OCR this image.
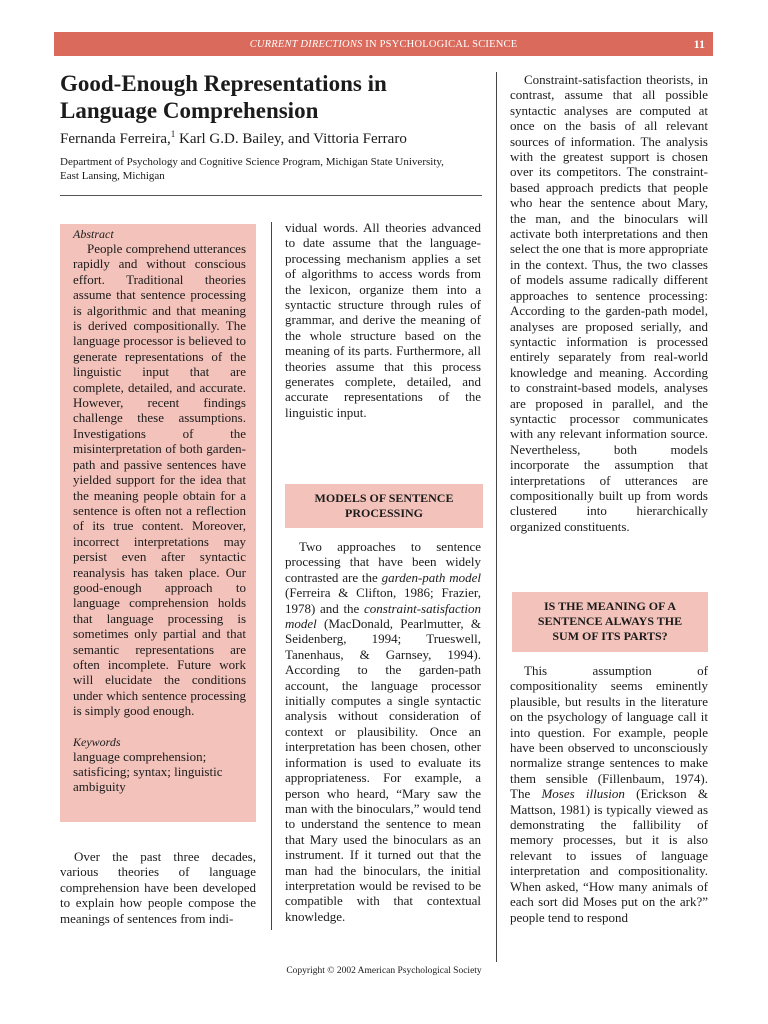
CURRENT DIRECTIONS IN PSYCHOLOGICAL SCIENCE	11
Good-Enough Representations in Language Comprehension
Fernanda Ferreira,$^1$ Karl G.D. Bailey, and Vittoria Ferraro
Department of Psychology and Cognitive Science Program, Michigan State University, East Lansing, Michigan
Abstract

People comprehend utterances rapidly and without conscious effort. Traditional theories assume that sentence processing is algorithmic and that meaning is derived compositionally. The language processor is believed to generate representations of the linguistic input that are complete, detailed, and accurate. However, recent findings challenge these assumptions. Investigations of the misinterpretation of both garden-path and passive sentences have yielded support for the idea that the meaning people obtain for a sentence is often not a reflection of its true content. Moreover, incorrect interpretations may persist even after syntactic reanalysis has taken place. Our good-enough approach to language comprehension holds that language processing is sometimes only partial and that semantic representations are often incomplete. Future work will elucidate the conditions under which sentence processing is simply good enough.

Keywords
language comprehension; satisficing; syntax; linguistic ambiguity

Over the past three decades, various theories of language comprehension have been developed to explain how people compose the meanings of sentences from indi-

vidual words. All theories advanced to date assume that the language-processing mechanism applies a set of algorithms to access words from the lexicon, organize them into a syntactic structure through rules of grammar, and derive the meaning of the whole structure based on the meaning of its parts. Furthermore, all theories assume that this process generates complete, detailed, and accurate representations of the linguistic input.

MODELS OF SENTENCE PROCESSING

Two approaches to sentence processing that have been widely contrasted are the garden-path model (Ferreira & Clifton, 1986; Frazier, 1978) and the constraint-satisfaction model (MacDonald, Pearlmutter, & Seidenberg, 1994; Trueswell, Tanenhaus, & Garnsey, 1994). According to the garden-path account, the language processor initially computes a single syntactic analysis without consideration of context or plausibility. Once an interpretation has been chosen, other information is used to evaluate its appropriateness. For example, a person who heard, “Mary saw the man with the binoculars,” would tend to understand the sentence to mean that Mary used the binoculars as an instrument. If it turned out that the man had the binoculars, the initial interpretation would be revised to be compatible with that contextual knowledge.

Constraint-satisfaction theorists, in contrast, assume that all possible syntactic analyses are computed at once on the basis of all relevant sources of information. The analysis with the greatest support is chosen over its competitors. The constraint-based approach predicts that people who hear the sentence about Mary, the man, and the binoculars will activate both interpretations and then select the one that is more appropriate in the context. Thus, the two classes of models assume radically different approaches to sentence processing: According to the garden-path model, analyses are proposed serially, and syntactic information is processed entirely separately from real-world knowledge and meaning. According to constraint-based models, analyses are proposed in parallel, and the syntactic processor communicates with any relevant information source. Nevertheless, both models incorporate the assumption that interpretations of utterances are compositionally built up from words clustered into hierarchically organized constituents.

IS THE MEANING OF A SENTENCE ALWAYS THE SUM OF ITS PARTS?

This assumption of compositionality seems eminently plausible, but results in the literature on the psychology of language call it into question. For example, people have been observed to unconsciously normalize strange sentences to make them sensible (Fillenbaum, 1974). The Moses illusion (Erickson & Mattson, 1981) is typically viewed as demonstrating the fallibility of memory processes, but it is also relevant to issues of language interpretation and compositionality. When asked, “How many animals of each sort did Moses put on the ark?” people tend to respond

Copyright © 2002 American Psychological Society
